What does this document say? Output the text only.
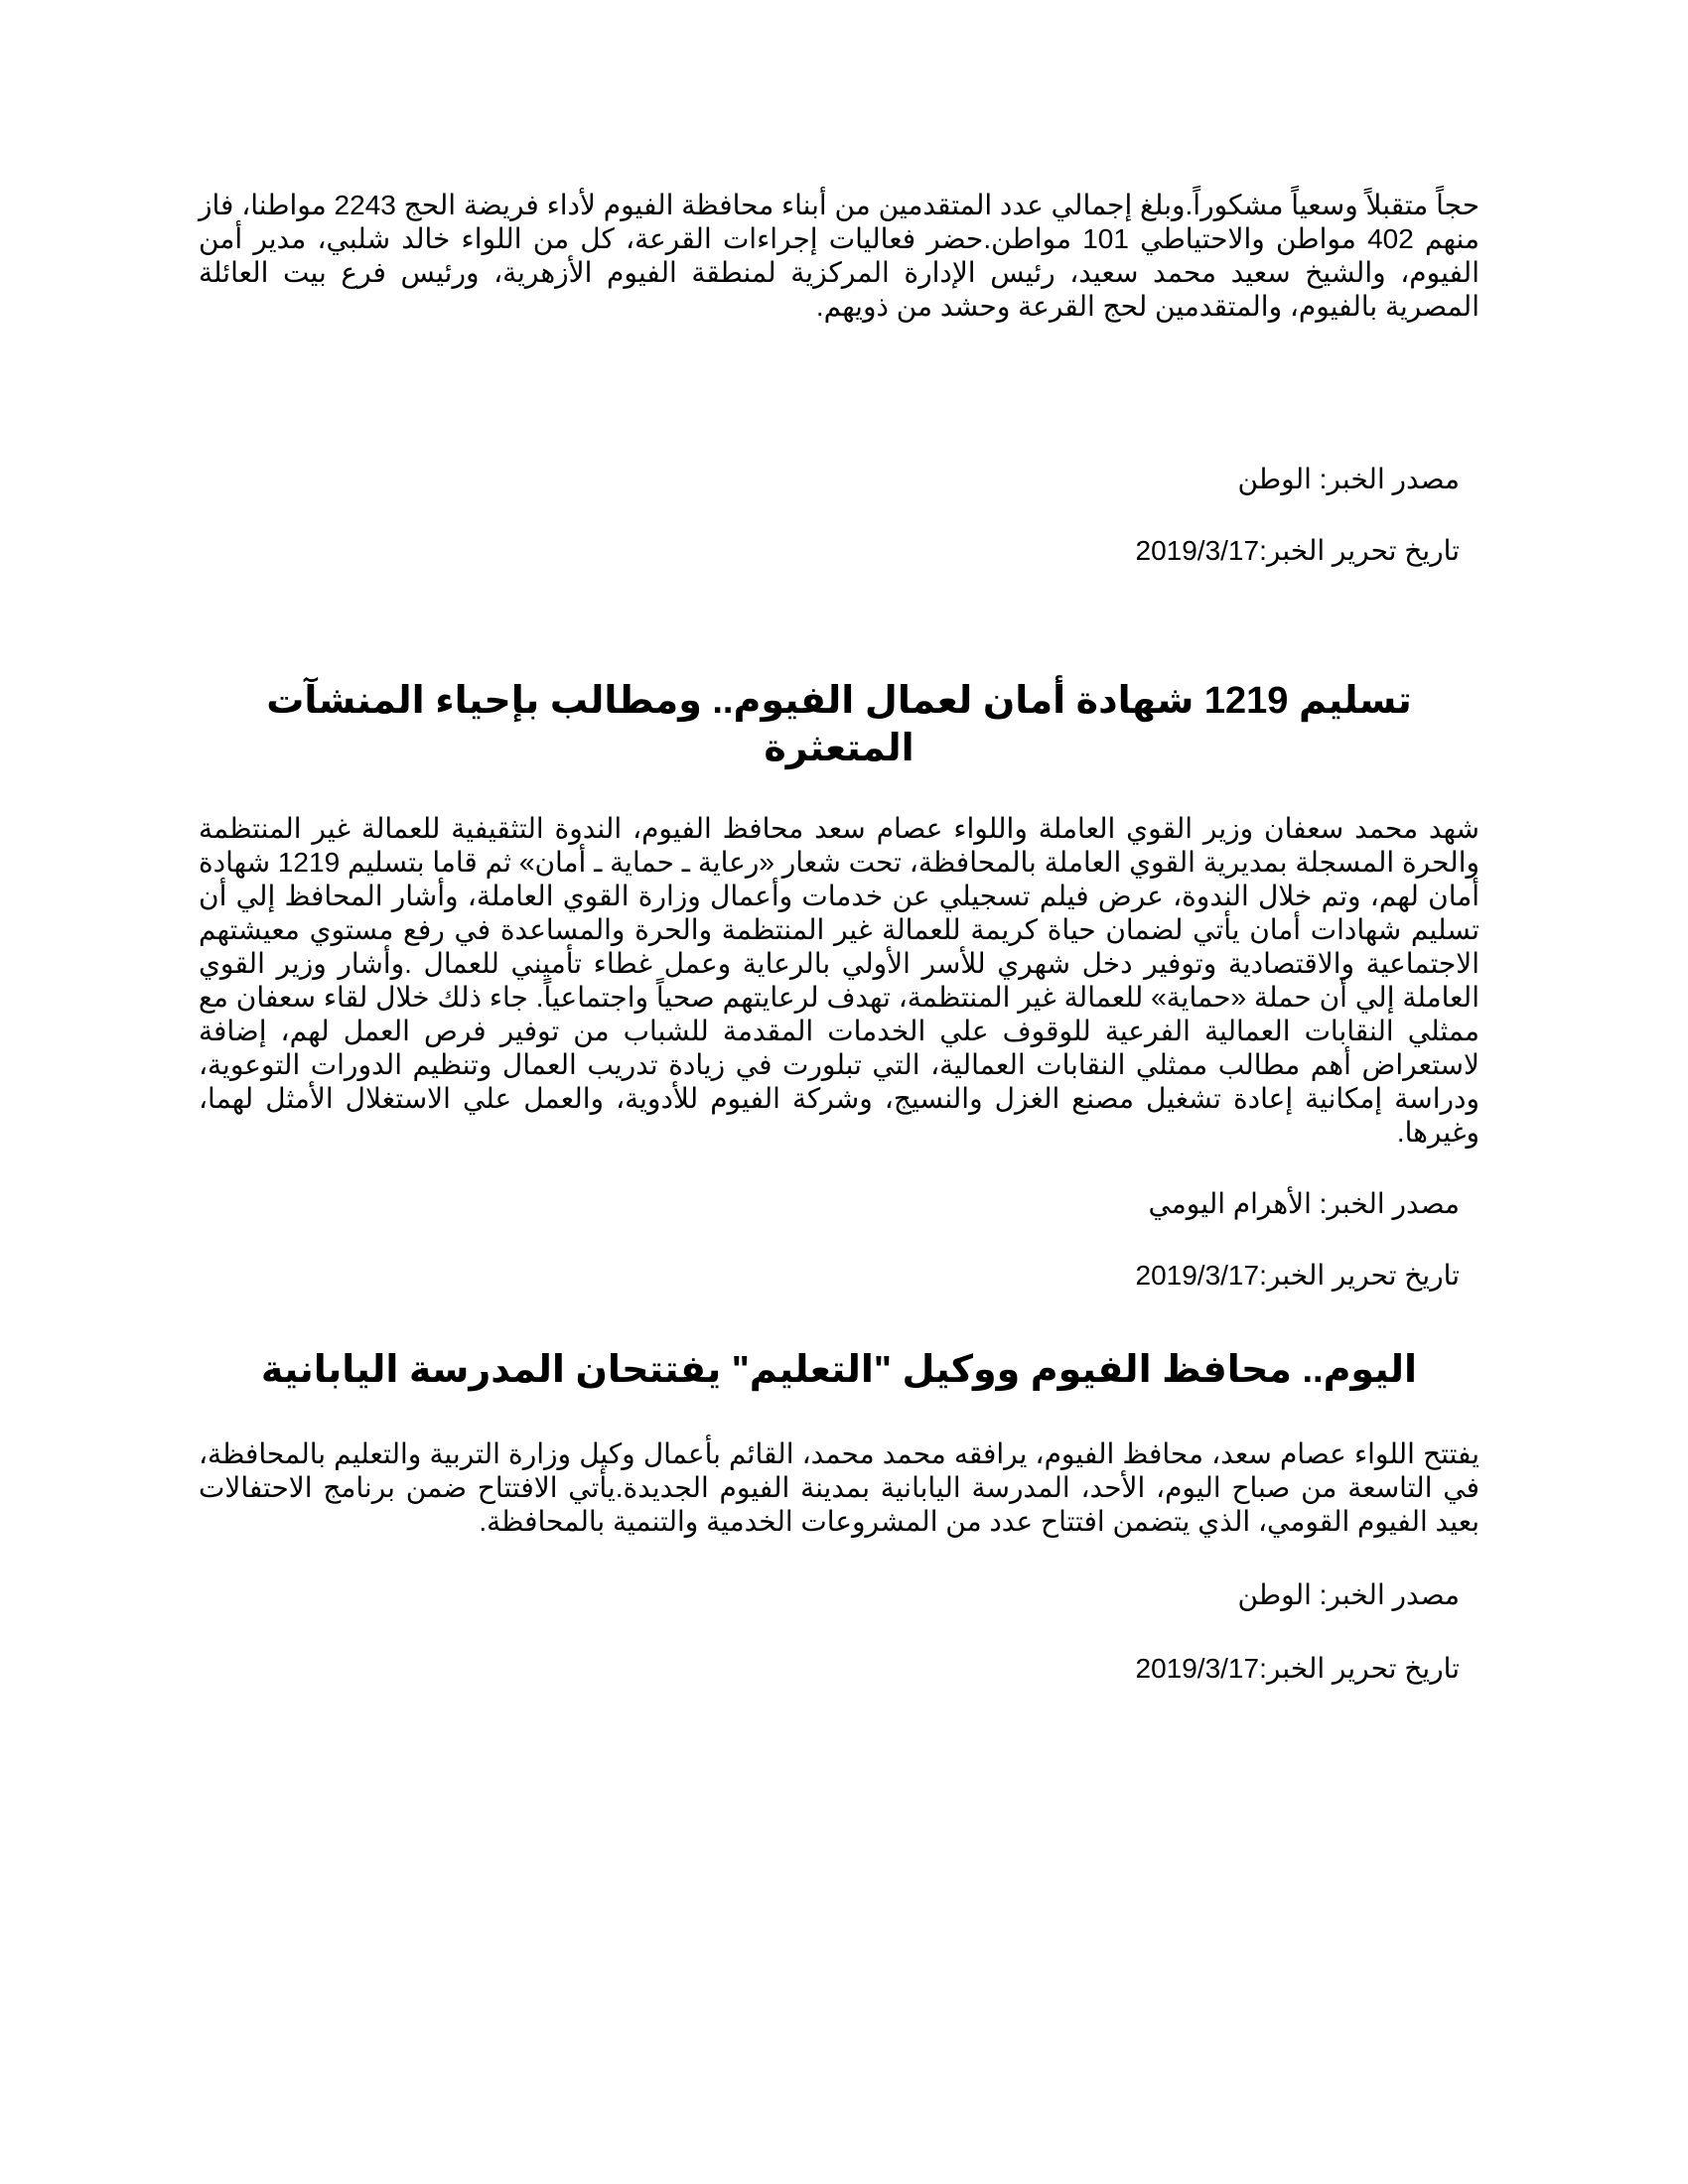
حجاً متقبلاً وسعياً مشكوراً.وبلغ إجمالي عدد المتقدمين من أبناء محافظة الفيوم لأداء فريضة الحج 2243 مواطنا، فاز منهم 402 مواطن والاحتياطي 101 مواطن.حضر فعاليات إجراءات القرعة، كل من اللواء خالد شلبي، مدير أمن الفيوم، والشيخ سعيد محمد سعيد، رئيس الإدارة المركزية لمنطقة الفيوم الأزهرية، ورئيس فرع بيت العائلة المصرية بالفيوم، والمتقدمين لحج القرعة وحشد من ذويهم.

مصدر الخبر: الوطن

تاريخ تحرير الخبر:2019/3/17

تسليم 1219 شهادة أمان لعمال الفيوم.. ومطالب بإحياء المنشآت المتعثرة

شهد محمد سعفان وزير القوي العاملة واللواء عصام سعد محافظ الفيوم، الندوة التثقيفية للعمالة غير المنتظمة والحرة المسجلة بمديرية القوي العاملة بالمحافظة، تحت شعار «رعاية ـ حماية ـ أمان» ثم قاما بتسليم 1219 شهادة أمان لهم، وتم خلال الندوة، عرض فيلم تسجيلي عن خدمات وأعمال وزارة القوي العاملة، وأشار المحافظ إلي أن تسليم شهادات أمان يأتي لضمان حياة كريمة للعمالة غير المنتظمة والحرة والمساعدة في رفع مستوي معيشتهم الاجتماعية والاقتصادية وتوفير دخل شهري للأسر الأولي بالرعاية وعمل غطاء تأميني للعمال .وأشار وزير القوي العاملة إلي أن حملة «حماية» للعمالة غير المنتظمة، تهدف لرعايتهم صحياً واجتماعياً. جاء ذلك خلال لقاء سعفان مع ممثلي النقابات العمالية الفرعية للوقوف علي الخدمات المقدمة للشباب من توفير فرص العمل لهم، إضافة لاستعراض أهم مطالب ممثلي النقابات العمالية، التي تبلورت في زيادة تدريب العمال وتنظيم الدورات التوعوية، ودراسة إمكانية إعادة تشغيل مصنع الغزل والنسيج، وشركة الفيوم للأدوية، والعمل علي الاستغلال الأمثل لهما، وغيرها.

مصدر الخبر: الأهرام اليومي

تاريخ تحرير الخبر:2019/3/17

اليوم.. محافظ الفيوم ووكيل "التعليم" يفتتحان المدرسة اليابانية

يفتتح اللواء عصام سعد، محافظ الفيوم، يرافقه محمد محمد، القائم بأعمال وكيل وزارة التربية والتعليم بالمحافظة، في التاسعة من صباح اليوم، الأحد، المدرسة اليابانية بمدينة الفيوم الجديدة.يأتي الافتتاح ضمن برنامج الاحتفالات بعيد الفيوم القومي، الذي يتضمن افتتاح عدد من المشروعات الخدمية والتنمية بالمحافظة.

مصدر الخبر: الوطن

تاريخ تحرير الخبر:2019/3/17
